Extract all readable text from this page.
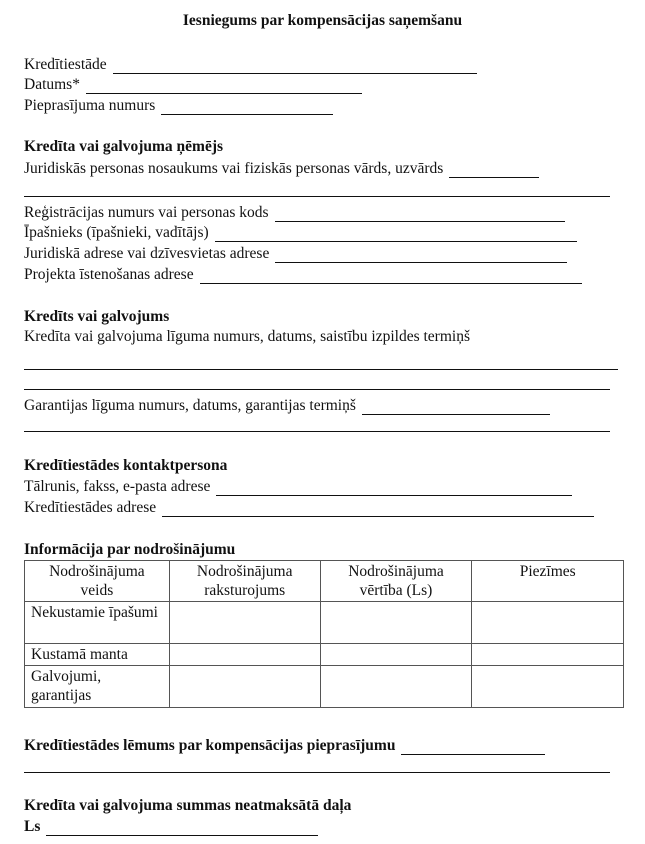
Iesniegums par kompensācijas saņemšanu
Kredītiestāde
Datums*
Pieprasījuma numurs
Kredīta vai galvojuma ņēmējs
Juridiskās personas nosaukums vai fiziskās personas vārds, uzvārds
Reģistrācijas numurs vai personas kods
Īpašnieks (īpašnieki, vadītājs)
Juridiskā adrese vai dzīvesvietas adrese
Projekta īstenošanas adrese
Kredīts vai galvojums
Kredīta vai galvojuma līguma numurs, datums, saistību izpildes termiņš
Garantijas līguma numurs, datums, garantijas termiņš
Kredītiestādes kontaktpersona
Tālrunis, fakss, e-pasta adrese
Kredītiestādes adrese
Informācija par nodrošinājumu
Nodrošinājuma veids	Nodrošinājuma raksturojums	Nodrošinājuma vērtība (Ls)	Piezīmes
Nekustamie īpašumi			
Kustamā manta			
Galvojumi, garantijas			
Kredītiestādes lēmums par kompensācijas pieprasījumu
Kredīta vai galvojuma summas neatmaksātā daļa
Ls
